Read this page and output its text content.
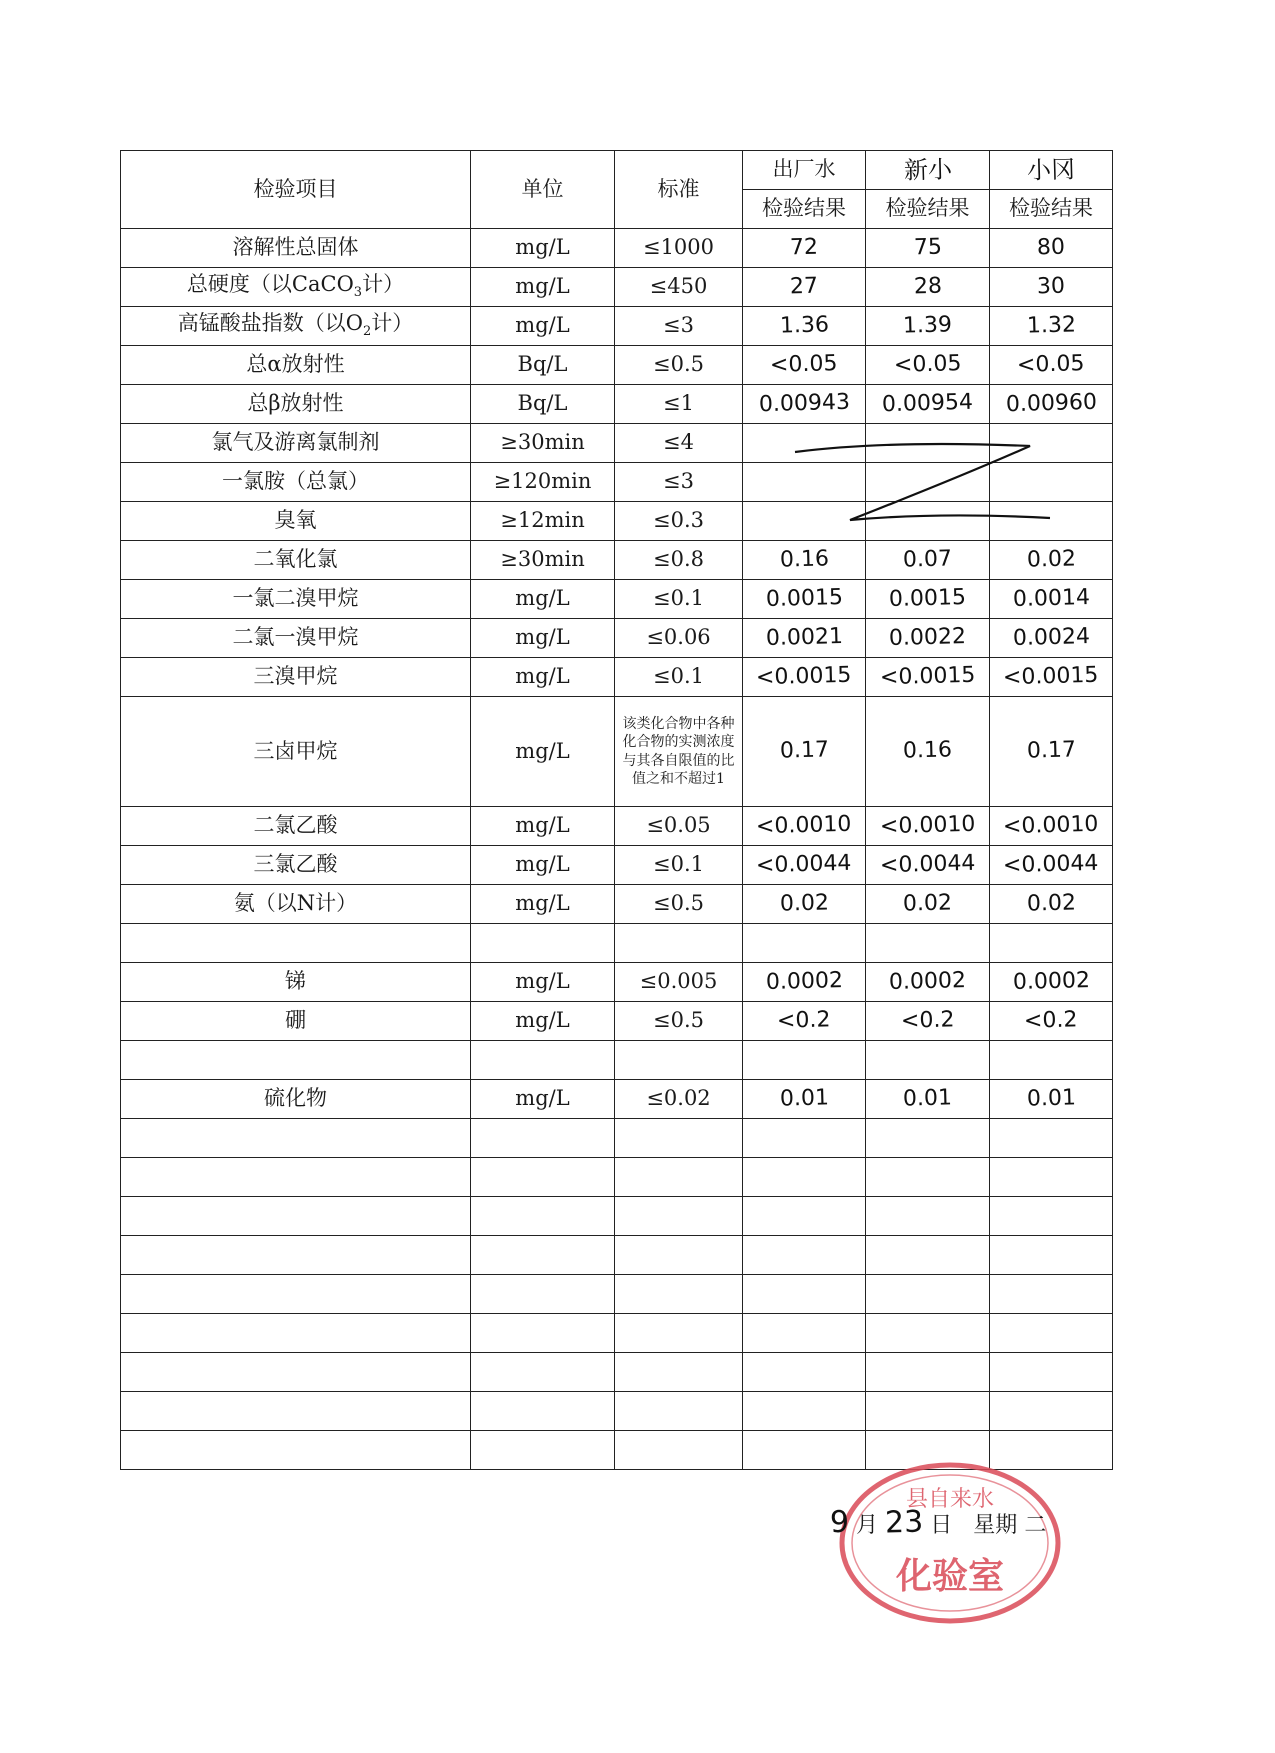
检验项目	单位	标准	出厂水	新小	小冈
			检验结果	检验结果	检验结果
溶解性总固体	mg/L	≤1000	72	75	80
总硬度（以CaCO$_3$计）	mg/L	≤450	27	28	30
高锰酸盐指数（以$O_2$计）	mg/L	≤3	1.36	1.39	1.32
总α放射性	Bq/L	≤0.5	<0.05	<0.05	<0.05
总β放射性	Bq/L	≤1	0.00943	0.00954	0.00960
氯气及游离氯制剂	≥30min	≤4			
一氯胺（总氯）	≥120min	≤3			
臭氧	≥12min	≤0.3			
二氧化氯	≥30min	≤0.8	0.16	0.07	0.02
一氯二溴甲烷	mg/L	≤0.1	0.0015	0.0015	0.0014
二氯一溴甲烷	mg/L	≤0.06	0.0021	0.0022	0.0024
三溴甲烷	mg/L	≤0.1	<0.0015	<0.0015	<0.0015
三卤甲烷	mg/L	该类化合物中各种化合物的实测浓度与其各自限值的比值之和不超过1	0.17	0.16	0.17
二氯乙酸	mg/L	≤0.05	<0.0010	<0.0010	<0.0010
三氯乙酸	mg/L	≤0.1	<0.0044	<0.0044	<0.0044
氨（以N计）	mg/L	≤0.5	0.02	0.02	0.02

锑	mg/L	≤0.005	0.0002	0.0002	0.0002
硼	mg/L	≤0.5	<0.2	<0.2	<0.2

硫化物	mg/L	≤0.02	0.01	0.01	0.01

县自来水
化验室
9 月 23 日 星期 二
